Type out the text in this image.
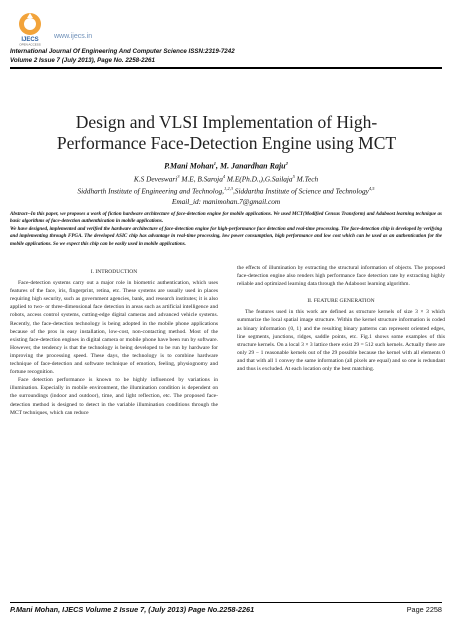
IJECS
OPEN ACCESS
www.ijecs.in
International Journal Of Engineering And Computer Science ISSN:2319-7242
Volume 2 Issue 7 (July 2013), Page No. 2258-2261
Design and VLSI Implementation of High-
Performance Face-Detection Engine using MCT
P.Mani Mohan$^1$, M. Janardhan Raju$^2$
K.S Deveswari$^3$ M.E, B.Saroja$^4$ M.E(Ph.D.,),G.Sailaja$^5$ M.Tech
Siddharth Institute of Engineering and Technolog,$^{1,2,3}$,Siddartha Institute of Science and Technology$^{4,5}$
Email_id: manimohan.7@gmail.com

Abstract--In this paper, we proposes a work of fiction hardware architecture of face-detection engine for mobile applications. We used MCT(Modified Census Transform) and Adaboost learning technique as basic algorithms of face-detection authenthication in mobile applications.

We have designed, implemented and verified the hardware architecture of face-detection engine for high-performance face detection and real-time processing. The face-detection chip is developed by verifying and implementing through FPGA. The developed ASIC chip has advantage in real-time processing, low power consumption, high performance and low cost which can be used as an authentication for the mobile applications. So we expect this chip can be easily used in mobile applications.

I. INTRODUCTION

Face-detection systems carry out a major role in biometric authentication, which uses features of the face, iris, fingerprint, retina, etc. These systems are usually used in places requiring high security, such as government agencies, bank, and research institutes; it is also applied to two- or three-dimensional face detection in areas such as artificial intelligence and robots, access control systems, cutting-edge digital cameras and advanced vehicle systems. Recently, the face-detection technology is being adopted in the mobile phone applications because of the pros in easy installation, low-cost, non-contacting method. Most of the existing face-detection engines in digital camera or mobile phone have been run by software. However, the tendency is that the technology is being developed to be run by hardware for improving the processing speed. These days, the technology is to combine hardware technique of face-detection and software technique of emotion, feeling, physiognomy and fortune recognition.

Face detection performance is known to be highly influenced by variations in illumination. Especially in mobile environment, the illumination condition is dependent on the surroundings (indoor and outdoor), time, and light reflection, etc. The proposed face-detection method is designed to detect in the variable illumination conditions through the MCT techniques, which can reduce

the effects of illumination by extracting the structural information of objects. The proposed face-detection engine also renders high performance face detection rate by extracting highly reliable and optimized learning data through the Adaboost learning algorithm.

II. FEATURE GENERATION

The features used in this work are defined as structure kernels of size 3 × 3 which summarize the local spatial image structure. Within the kernel structure information is coded as binary information {0, 1} and the resulting binary patterns can represent oriented edges, line segments, junctions, ridges, saddle points, etc. Fig.1 shows some examples of this structure kernels. On a local 3 × 3 lattice there exist 29 = 512 such kernels. Actually there are only 29 − 1 reasonable kernels out of the 29 possible because the kernel with all elements 0 and that with all 1 convey the same information (all pixels are equal) and so one is redundant and thus is excluded. At each location only the best matching.

P.Mani Mohan, IJECS Volume 2 Issue 7, (July 2013) Page No.2258-2261	Page 2258
